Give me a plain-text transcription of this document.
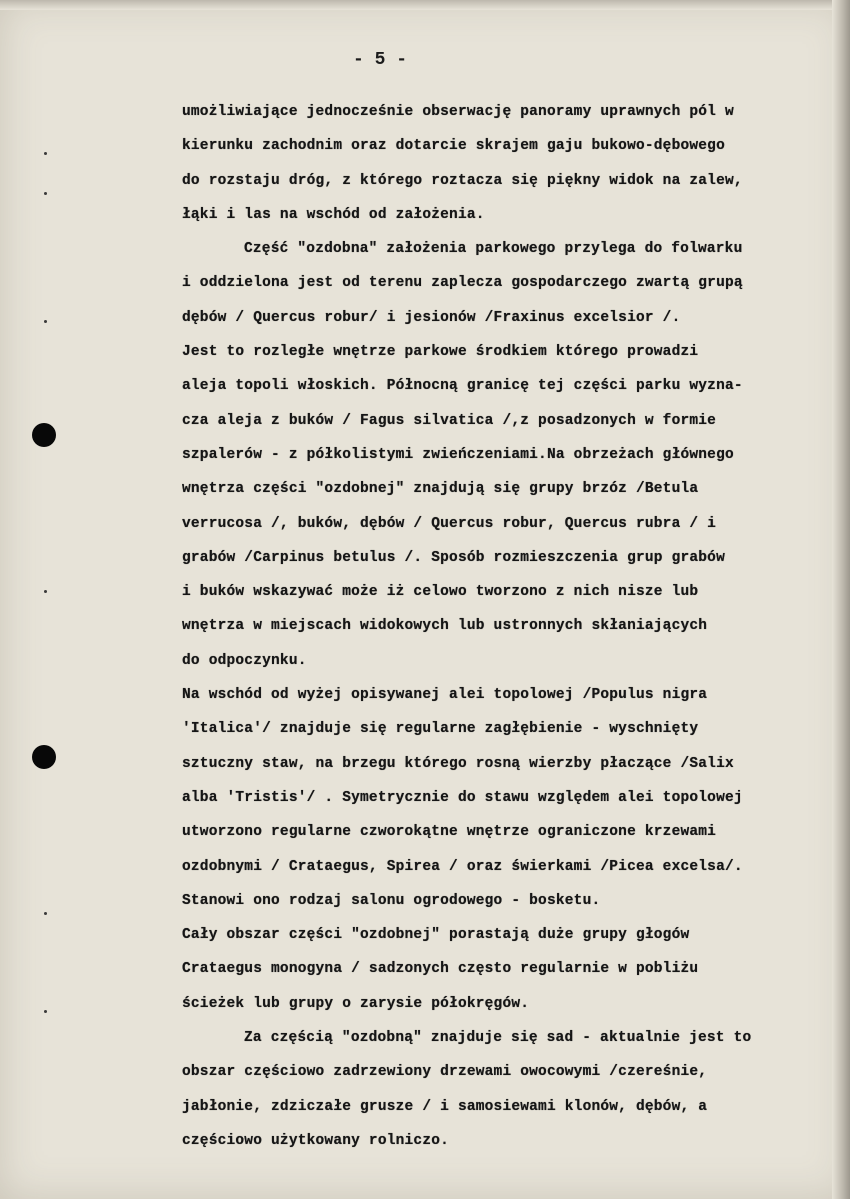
- 5 -
umożliwiające jednocześnie obserwację panoramy uprawnych pól w
kierunku zachodnim oraz dotarcie skrajem gaju bukowo-dębowego
do rozstaju dróg, z którego roztacza się piękny widok na zalew,
łąki i las na wschód od założenia.
Część "ozdobna" założenia parkowego przylega do folwarku
i oddzielona jest od terenu zaplecza gospodarczego zwartą grupą
dębów / Quercus robur/ i jesionów /Fraxinus excelsior /.
Jest to rozległe wnętrze parkowe środkiem którego prowadzi
aleja topoli włoskich. Północną granicę tej części parku wyzna-
cza aleja z buków / Fagus silvatica /,z posadzonych w formie
szpalerów - z półkolistymi zwieńczeniami.Na obrzeżach głównego
wnętrza części "ozdobnej" znajdują się grupy brzóz /Betula
verrucosa /, buków, dębów / Quercus robur, Quercus rubra / i
grabów /Carpinus betulus /. Sposób rozmieszczenia grup grabów
i buków wskazywać może iż celowo tworzono z nich nisze lub
wnętrza w miejscach widokowych lub ustronnych skłaniających
do odpoczynku.
Na wschód od wyżej opisywanej alei topolowej /Populus nigra
'Italica'/ znajduje się regularne zagłębienie - wyschnięty
sztuczny staw, na brzegu którego rosną wierzby płaczące /Salix
alba 'Tristis'/ . Symetrycznie do stawu względem alei topolowej
utworzono regularne czworokątne wnętrze ograniczone krzewami
ozdobnymi / Crataegus, Spirea / oraz świerkami /Picea excelsa/.
Stanowi ono rodzaj salonu ogrodowego - bosketu.
Cały obszar części "ozdobnej" porastają duże grupy głogów
Crataegus monogyna / sadzonych często regularnie w pobliżu
ścieżek lub grupy o zarysie półokręgów.
Za częścią "ozdobną" znajduje się sad - aktualnie jest to
obszar częściowo zadrzewiony drzewami owocowymi /czereśnie,
jabłonie, zdziczałe grusze / i samosiewami klonów, dębów, a
częściowo użytkowany rolniczo.
